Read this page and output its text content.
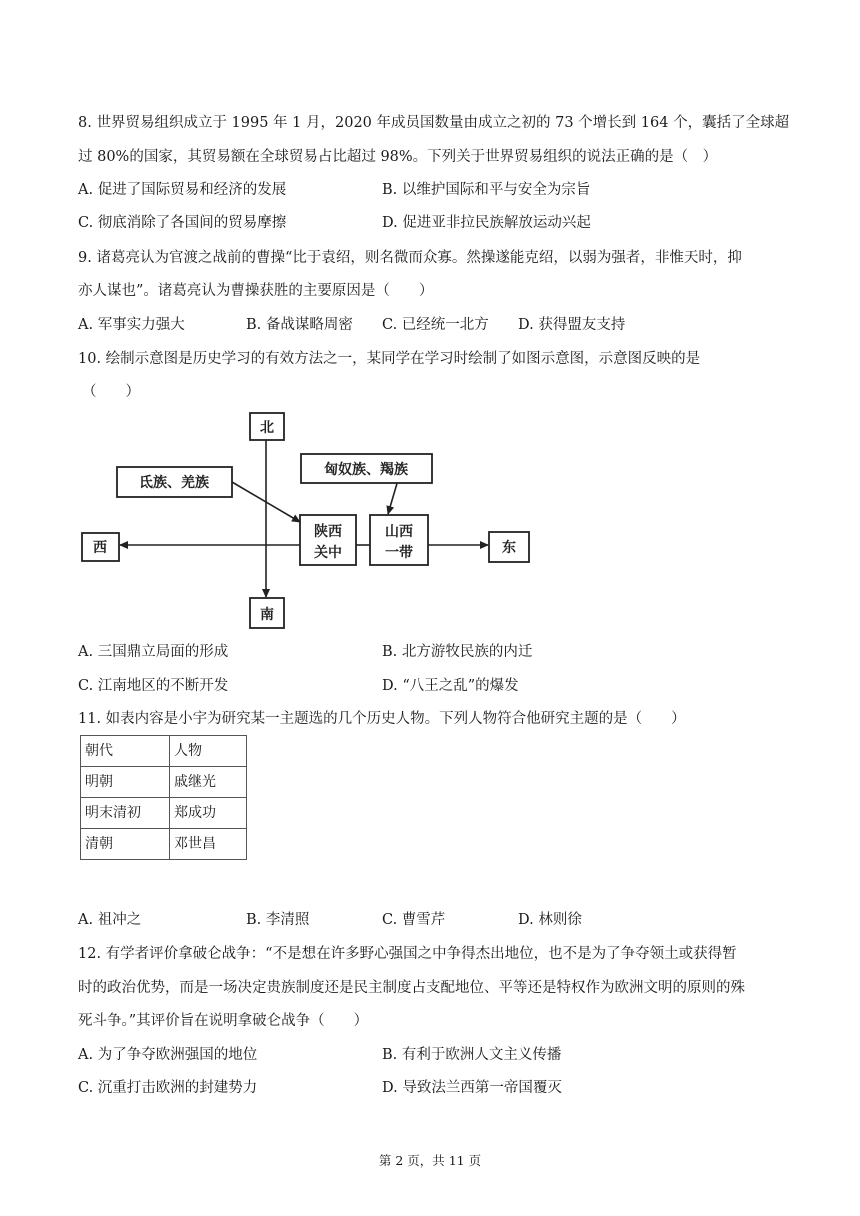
8. 世界贸易组织成立于 1995 年 1 月，2020 年成员国数量由成立之初的 73 个增长到 164 个，囊括了全球超
过 80%的国家，其贸易额在全球贸易占比超过 98%。下列关于世界贸易组织的说法正确的是（　）
A. 促进了国际贸易和经济的发展	B. 以维护国际和平与安全为宗旨
C. 彻底消除了各国间的贸易摩擦	D. 促进亚非拉民族解放运动兴起
9. 诸葛亮认为官渡之战前的曹操“比于袁绍，则名微而众寡。然操遂能克绍，以弱为强者，非惟天时，抑
亦人谋也”。诸葛亮认为曹操获胜的主要原因是（　　）
A. 军事实力强大	B. 备战谋略周密 C. 已经统一北方 D. 获得盟友支持
10. 绘制示意图是历史学习的有效方法之一，某同学在学习时绘制了如图示意图，示意图反映的是
（　　）
北
南
西	东
氐族、羌族
匈奴族、羯族
陕西
关中
山西
一带
A. 三国鼎立局面的形成	B. 北方游牧民族的内迁
C. 江南地区的不断开发	D. “八王之乱”的爆发
11. 如表内容是小宇为研究某一主题选的几个历史人物。下列人物符合他研究主题的是（　　）
朝代	人物
明朝	戚继光
明末清初	郑成功
清朝	邓世昌
A. 祖冲之	B. 李清照	C. 曹雪芹	D. 林则徐
12. 有学者评价拿破仑战争：“不是想在许多野心强国之中争得杰出地位，也不是为了争夺领土或获得暂
时的政治优势，而是一场决定贵族制度还是民主制度占支配地位、平等还是特权作为欧洲文明的原则的殊
死斗争。”其评价旨在说明拿破仑战争（　　）
A. 为了争夺欧洲强国的地位	B. 有利于欧洲人文主义传播
C. 沉重打击欧洲的封建势力	D. 导致法兰西第一帝国覆灭
第 2 页，共 11 页
